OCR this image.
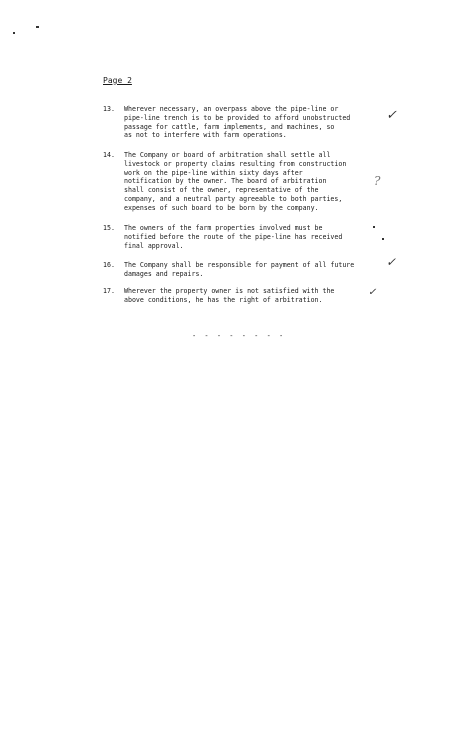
Page 2
13.	Wherever necessary, an overpass above the pipe-line or
pipe-line trench is to be provided to afford unobstructed
passage for cattle, farm implements, and machines, so
as not to interfere with farm operations.
14.	The Company or board of arbitration shall settle all
livestock or property claims resulting from construction
work on the pipe-line within sixty days after
notification by the owner. The board of arbitration
shall consist of the owner, representative of the
company, and a neutral party agreeable to both parties,
expenses of such board to be born by the company.
15.	The owners of the farm properties involved must be
notified before the route of the pipe-line has received
final approval.
16.	The Company shall be responsible for payment of all future
damages and repairs.
17.	Wherever the property owner is not satisfied with the
above conditions, he has the right of arbitration.
✓
?
✓
✓
- - - - - - - -
